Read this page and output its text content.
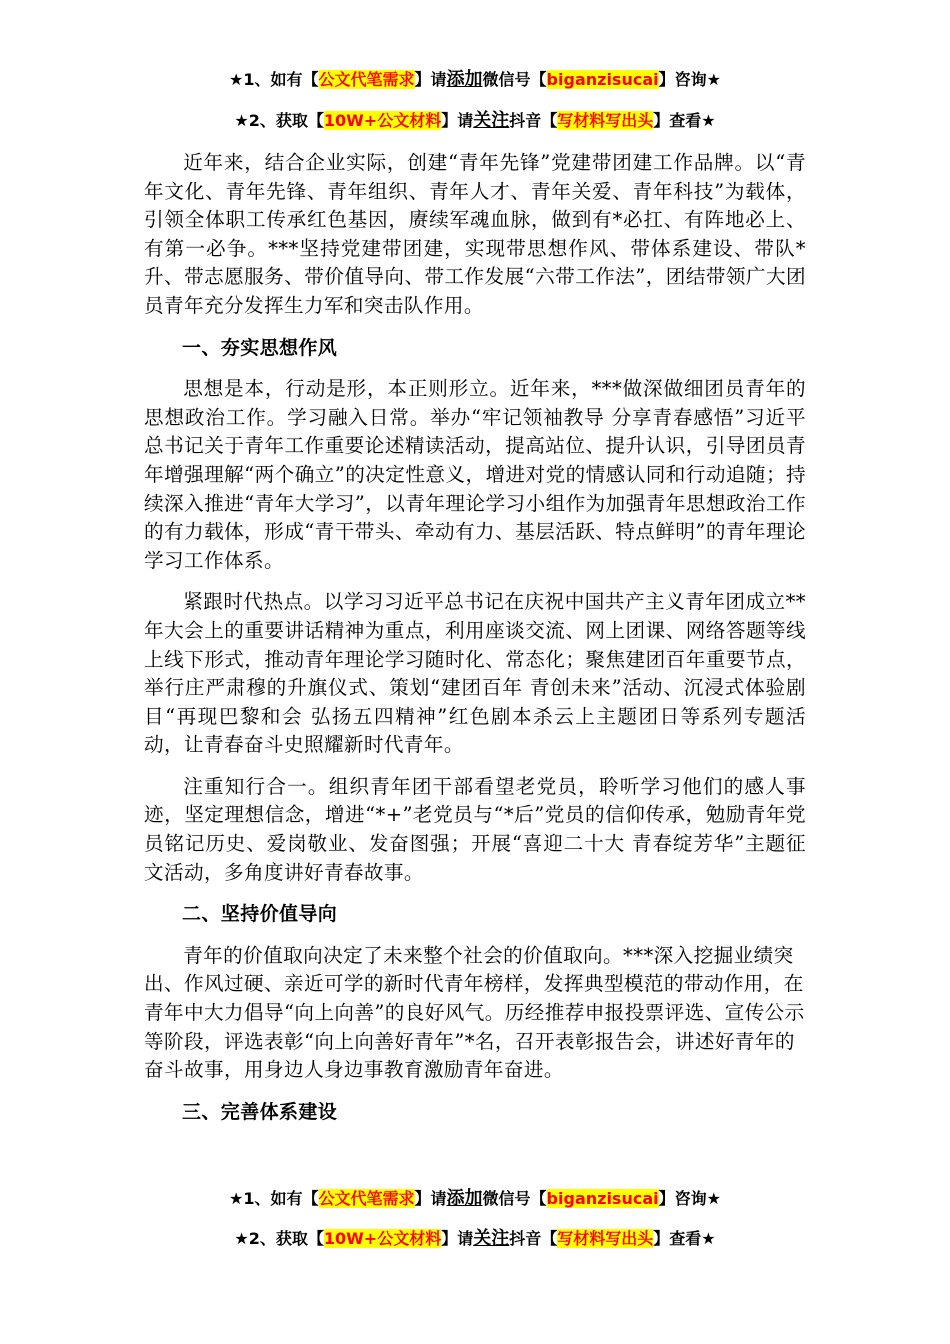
★1、如有【公文代笔需求】请添加微信号【biganzisucai】咨询★
★2、获取【10W+公文材料】请关注抖音【写材料写出头】查看★

近年来，结合企业实际，创建“青年先锋”党建带团建工作品牌。以“青年文化、青年先锋、青年组织、青年人才、青年关爱、青年科技”为载体，引领全体职工传承红色基因，赓续军魂血脉，做到有*必扛、有阵地必上、有第一必争。***坚持党建带团建，实现带思想作风、带体系建设、带队*升、带志愿服务、带价值导向、带工作发展“六带工作法”，团结带领广大团员青年充分发挥生力军和突击队作用。

一、夯实思想作风

思想是本，行动是形，本正则形立。近年来，***做深做细团员青年的思想政治工作。学习融入日常。举办“牢记领袖教导 分享青春感悟”习近平总书记关于青年工作重要论述精读活动，提高站位、提升认识，引导团员青年增强理解“两个确立”的决定性意义，增进对党的情感认同和行动追随；持续深入推进“青年大学习”，以青年理论学习小组作为加强青年思想政治工作的有力载体，形成“青干带头、牵动有力、基层活跃、特点鲜明”的青年理论学习工作体系。

紧跟时代热点。以学习习近平总书记在庆祝中国共产主义青年团成立**年大会上的重要讲话精神为重点，利用座谈交流、网上团课、网络答题等线上线下形式，推动青年理论学习随时化、常态化；聚焦建团百年重要节点，举行庄严肃穆的升旗仪式、策划“建团百年 青创未来”活动、沉浸式体验剧目“再现巴黎和会 弘扬五四精神”红色剧本杀云上主题团日等系列专题活动，让青春奋斗史照耀新时代青年。

注重知行合一。组织青年团干部看望老党员，聆听学习他们的感人事迹，坚定理想信念，增进“*+”老党员与“*后”党员的信仰传承，勉励青年党员铭记历史、爱岗敬业、发奋图强；开展“喜迎二十大 青春绽芳华”主题征文活动，多角度讲好青春故事。

二、坚持价值导向

青年的价值取向决定了未来整个社会的价值取向。***深入挖掘业绩突出、作风过硬、亲近可学的新时代青年榜样，发挥典型模范的带动作用，在青年中大力倡导“向上向善”的良好风气。历经推荐申报投票评选、宣传公示等阶段，评选表彰“向上向善好青年”*名，召开表彰报告会，讲述好青年的奋斗故事，用身边人身边事教育激励青年奋进。

三、完善体系建设
★1、如有【公文代笔需求】请添加微信号【biganzisucai】咨询★
★2、获取【10W+公文材料】请关注抖音【写材料写出头】查看★
